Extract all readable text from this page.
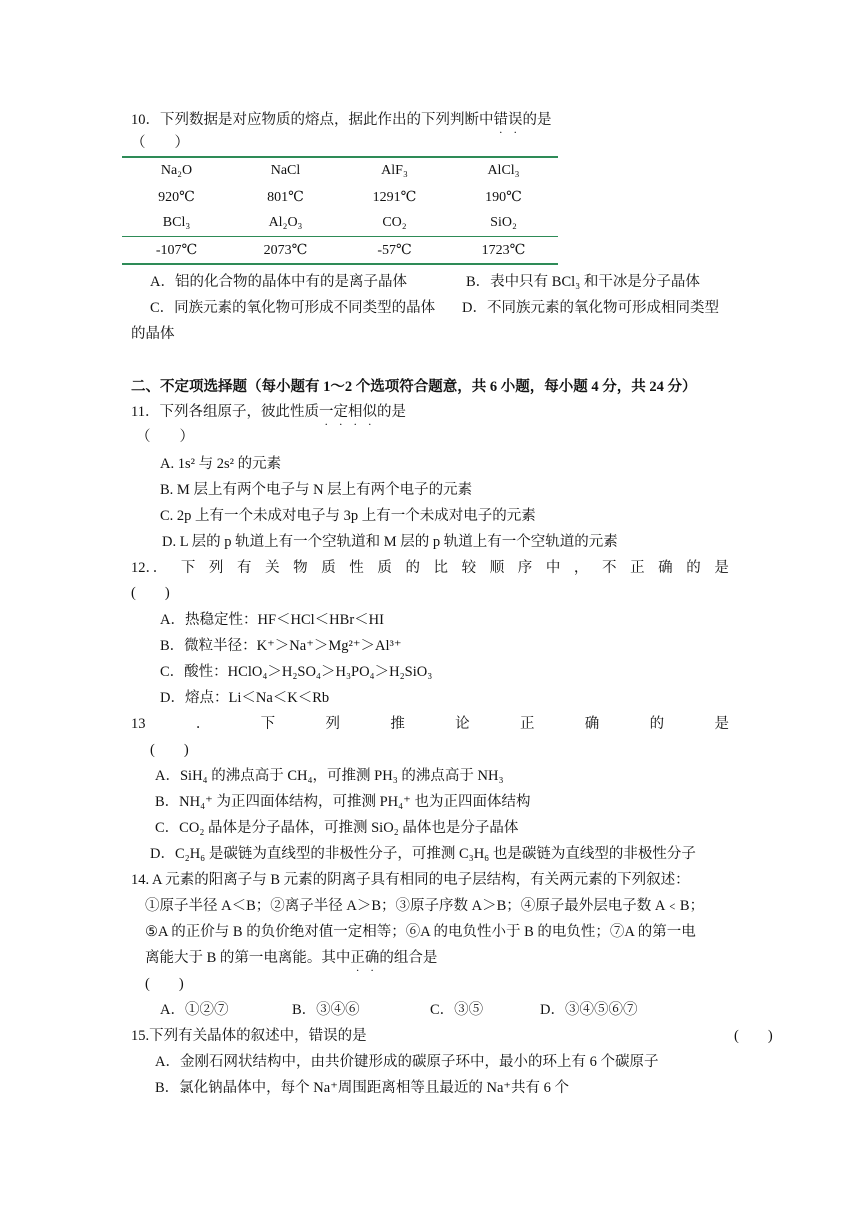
10．下列数据是对应物质的熔点，据此作出的下列判断中错误的是
（　　）
Na₂O	NaCl	AlF₃	AlCl₃
920℃	801℃	1291℃	190℃
BCl₃	Al₂O₃	CO₂	SiO₂
-107℃	2073℃	-57℃	1723℃
A．铝的化合物的晶体中有的是离子晶体	B．表中只有 BCl₃ 和干冰是分子晶体
C．同族元素的氧化物可形成不同类型的晶体 D．不同族元素的氧化物可形成相同类型
的晶体
二、不定项选择题（每小题有 1～2 个选项符合题意，共 6 小题，每小题 4 分，共 24 分）
11．下列各组原子，彼此性质一定相似的是
（　　）
A. 1s² 与 2s² 的元素
B. M 层上有两个电子与 N 层上有两个电子的元素
C. 2p 上有一个未成对电子与 3p 上有一个未成对电子的元素
D. L 层的 p 轨道上有一个空轨道和 M 层的 p 轨道上有一个空轨道的元素
12．． 下 列 有 关 物 质 性 质 的 比 较 顺 序 中 ， 不 正 确 的 是
(　　)
A．热稳定性：HF＜HCl＜HBr＜HI
B．微粒半径：K⁺＞Na⁺＞Mg²⁺＞Al³⁺
C．酸性：HClO₄＞H₂SO₄＞H₃PO₄＞H₂SiO₃
D．熔点：Li＜Na＜K＜Rb
13	．	下	列	推	论	正	确	的	是
(　　)
A．SiH₄ 的沸点高于 CH₄，可推测 PH₃ 的沸点高于 NH₃
B．NH₄⁺ 为正四面体结构，可推测 PH₄⁺ 也为正四面体结构
C．CO₂ 晶体是分子晶体，可推测 SiO₂ 晶体也是分子晶体
D．C₂H₆ 是碳链为直线型的非极性分子，可推测 C₃H₆ 也是碳链为直线型的非极性分子
14. A 元素的阳离子与 B 元素的阴离子具有相同的电子层结构，有关两元素的下列叙述：
①原子半径 A＜B；②离子半径 A＞B；③原子序数 A＞B；④原子最外层电子数 A﹤B；
⑤A 的正价与 B 的负价绝对值一定相等；⑥A 的电负性小于 B 的电负性；⑦A 的第一电
离能大于 B 的第一电离能。其中正确的组合是
(　　)
A．①②⑦	B．③④⑥	C．③⑤	D．③④⑤⑥⑦
15.下列有关晶体的叙述中，错误的是	(　　)
A．金刚石网状结构中，由共价键形成的碳原子环中，最小的环上有 6 个碳原子
B．氯化钠晶体中，每个 Na⁺周围距离相等且最近的 Na⁺共有 6 个
